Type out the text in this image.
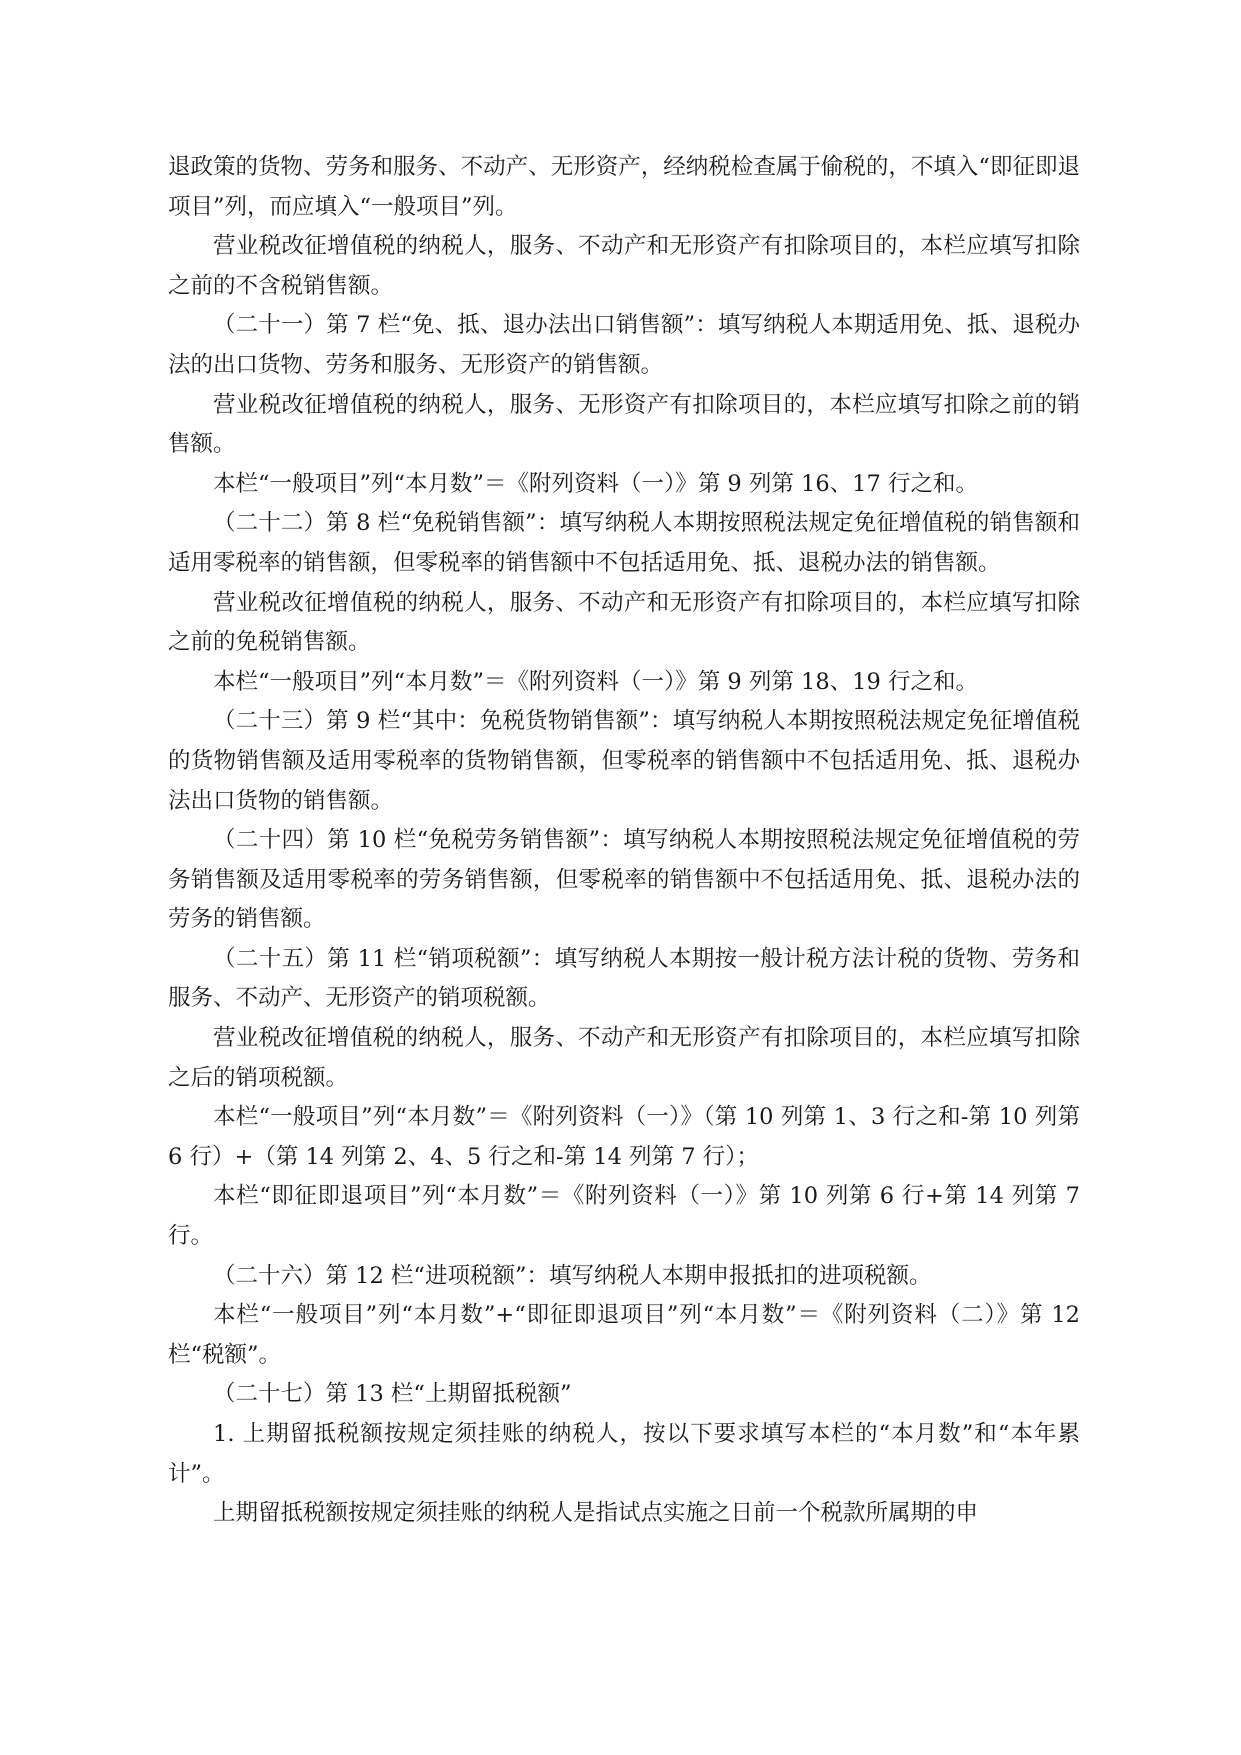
退政策的货物、劳务和服务、不动产、无形资产，经纳税检查属于偷税的，不填入“即征即退项目”列，而应填入“一般项目”列。

营业税改征增值税的纳税人，服务、不动产和无形资产有扣除项目的，本栏应填写扣除之前的不含税销售额。

（二十一）第 7 栏“免、抵、退办法出口销售额”：填写纳税人本期适用免、抵、退税办法的出口货物、劳务和服务、无形资产的销售额。

营业税改征增值税的纳税人，服务、无形资产有扣除项目的，本栏应填写扣除之前的销售额。

本栏“一般项目”列“本月数”＝《附列资料（一）》第 9 列第 16、17 行之和。

（二十二）第 8 栏“免税销售额”：填写纳税人本期按照税法规定免征增值税的销售额和适用零税率的销售额，但零税率的销售额中不包括适用免、抵、退税办法的销售额。

营业税改征增值税的纳税人，服务、不动产和无形资产有扣除项目的，本栏应填写扣除之前的免税销售额。

本栏“一般项目”列“本月数”＝《附列资料（一）》第 9 列第 18、19 行之和。

（二十三）第 9 栏“其中：免税货物销售额”：填写纳税人本期按照税法规定免征增值税的货物销售额及适用零税率的货物销售额，但零税率的销售额中不包括适用免、抵、退税办法出口货物的销售额。

（二十四）第 10 栏“免税劳务销售额”：填写纳税人本期按照税法规定免征增值税的劳务销售额及适用零税率的劳务销售额，但零税率的销售额中不包括适用免、抵、退税办法的劳务的销售额。

（二十五）第 11 栏“销项税额”：填写纳税人本期按一般计税方法计税的货物、劳务和服务、不动产、无形资产的销项税额。

营业税改征增值税的纳税人，服务、不动产和无形资产有扣除项目的，本栏应填写扣除之后的销项税额。

本栏“一般项目”列“本月数”＝《附列资料（一）》（第 10 列第 1、3 行之和-第 10 列第 6 行）+（第 14 列第 2、4、5 行之和-第 14 列第 7 行）；

本栏“即征即退项目”列“本月数”＝《附列资料（一）》第 10 列第 6 行+第 14 列第 7 行。

（二十六）第 12 栏“进项税额”：填写纳税人本期申报抵扣的进项税额。

本栏“一般项目”列“本月数”+“即征即退项目”列“本月数”＝《附列资料（二）》第 12 栏“税额”。

（二十七）第 13 栏“上期留抵税额”

1. 上期留抵税额按规定须挂账的纳税人，按以下要求填写本栏的“本月数”和“本年累计”。

上期留抵税额按规定须挂账的纳税人是指试点实施之日前一个税款所属期的申
